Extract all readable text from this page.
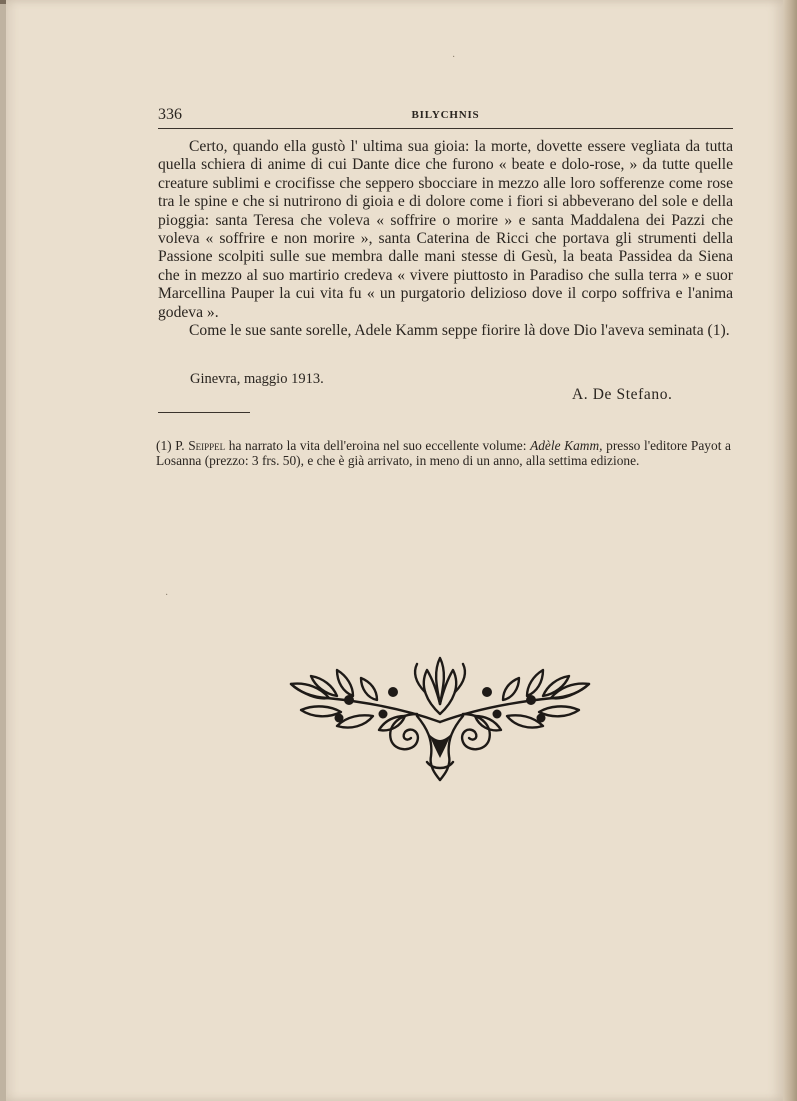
·
·
336	BILYCHNIS

Certo, quando ella gustò l' ultima sua gioia: la morte, dovette essere vegliata da tutta quella schiera di anime di cui Dante dice che furono « beate e dolo-rose, » da tutte quelle creature sublimi e crocifisse che seppero sbocciare in mezzo alle loro sofferenze come rose tra le spine e che si nutrirono di gioia e di dolore come i fiori si abbeverano del sole e della pioggia: santa Teresa che voleva « soffrire o morire » e santa Maddalena dei Pazzi che voleva « soffrire e non morire », santa Caterina de Ricci che portava gli strumenti della Passione scolpiti sulle sue membra dalle mani stesse di Gesù, la beata Passidea da Siena che in mezzo al suo martirio credeva « vivere piuttosto in Paradiso che sulla terra » e suor Marcellina Pauper la cui vita fu « un purgatorio delizioso dove il corpo soffriva e l'anima godeva ».

Come le sue sante sorelle, Adele Kamm seppe fiorire là dove Dio l'aveva seminata (1).

Ginevra, maggio 1913.
A. De Stefano.
(1) P. Seippel ha narrato la vita dell'eroina nel suo eccellente volume: Adèle Kamm, presso l'editore Payot a Losanna (prezzo: 3 frs. 50), e che è già arrivato, in meno di un anno, alla settima edizione.
